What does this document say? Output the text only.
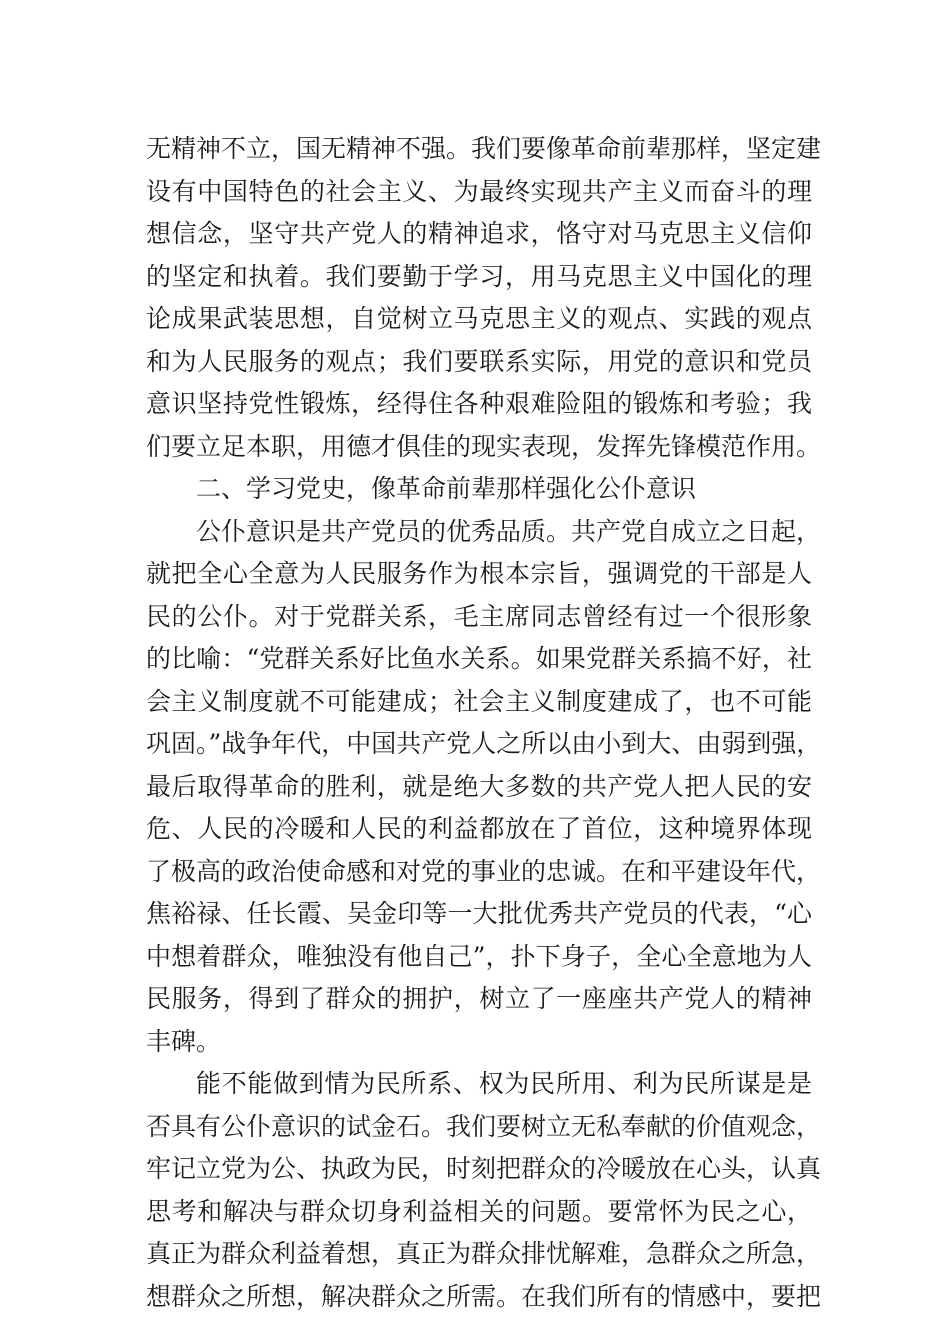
无精神不立，国无精神不强。我们要像革命前辈那样，坚定建
设有中国特色的社会主义、为最终实现共产主义而奋斗的理
想信念，坚守共产党人的精神追求，恪守对马克思主义信仰
的坚定和执着。我们要勤于学习，用马克思主义中国化的理
论成果武装思想，自觉树立马克思主义的观点、实践的观点
和为人民服务的观点；我们要联系实际，用党的意识和党员
意识坚持党性锻炼，经得住各种艰难险阻的锻炼和考验；我
们要立足本职，用德才俱佳的现实表现，发挥先锋模范作用。
二、学习党史，像革命前辈那样强化公仆意识
公仆意识是共产党员的优秀品质。共产党自成立之日起，
就把全心全意为人民服务作为根本宗旨，强调党的干部是人
民的公仆。对于党群关系，毛主席同志曾经有过一个很形象
的比喻：“党群关系好比鱼水关系。如果党群关系搞不好，社
会主义制度就不可能建成；社会主义制度建成了，也不可能
巩固。”战争年代，中国共产党人之所以由小到大、由弱到强，
最后取得革命的胜利，就是绝大多数的共产党人把人民的安
危、人民的冷暖和人民的利益都放在了首位，这种境界体现
了极高的政治使命感和对党的事业的忠诚。在和平建设年代，
焦裕禄、任长霞、吴金印等一大批优秀共产党员的代表，“心
中想着群众，唯独没有他自己”，扑下身子，全心全意地为人
民服务，得到了群众的拥护，树立了一座座共产党人的精神
丰碑。
能不能做到情为民所系、权为民所用、利为民所谋是是
否具有公仆意识的试金石。我们要树立无私奉献的价值观念，
牢记立党为公、执政为民，时刻把群众的冷暖放在心头，认真
思考和解决与群众切身利益相关的问题。要常怀为民之心，
真正为群众利益着想，真正为群众排忧解难，急群众之所急，
想群众之所想，解决群众之所需。在我们所有的情感中，要把
